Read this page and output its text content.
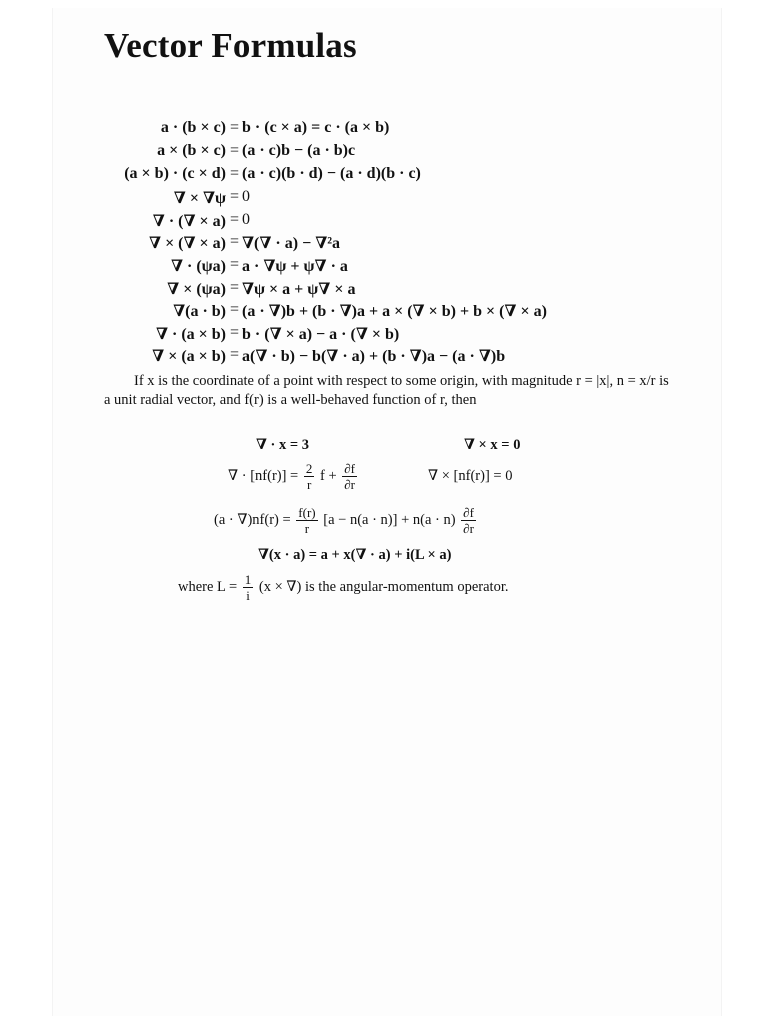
Vector Formulas
a · (b × c) =
b · (c × a) = c · (a × b)
a × (b × c) =
(a · c)b − (a · b)c
(a × b) · (c × d) =
(a · c)(b · d) − (a · d)(b · c)
∇ × ∇ψ =
0
∇ · (∇ × a) =
0
∇ × (∇ × a) =
∇(∇ · a) − ∇²a
∇ · (ψa) =
a · ∇ψ + ψ∇ · a
∇ × (ψa) =
∇ψ × a + ψ∇ × a
∇(a · b) =
(a · ∇)b + (b · ∇)a + a × (∇ × b) + b × (∇ × a)
∇ · (a × b) =
b · (∇ × a) − a · (∇ × b)
∇ × (a × b) =
a(∇ · b) − b(∇ · a) + (b · ∇)a − (a · ∇)b

If x is the coordinate of a point with respect to some origin, with magnitude r = |x|, n = x/r is a unit radial vector, and f(r) is a well-behaved function of r, then

∇ · x = 3	∇ × x = 0
∇ · $[nf(r)] = \frac{2}{r}$ $f + \frac{\partial f}{\partial r}$	∇ × [nf(r)] = 0
$(a \cdot \nabla)nf(r) = \frac{f(r)}{r} [a - n(a \cdot n)] + n(a \cdot n) \frac{\partial f}{\partial r}$
∇(x · a) = a + x(∇ · a) + i(L × a)
where $L = \frac{1}{i} (x$ × ∇) is the angular-momentum operator.
